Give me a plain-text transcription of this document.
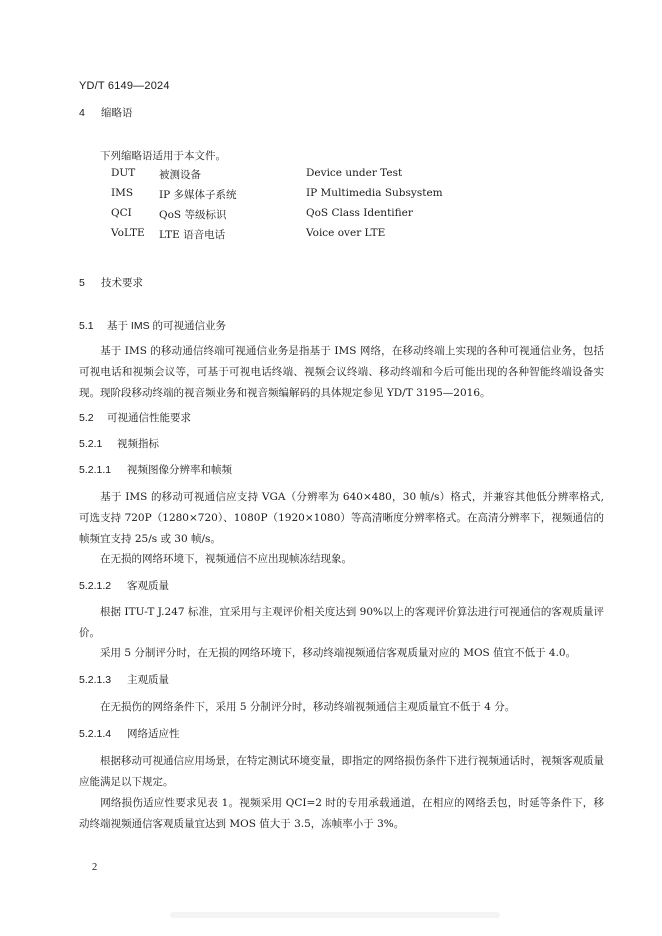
YD/T 6149—2024
4 缩略语
下列缩略语适用于本文件。
DUT 被测设备	Device under Test
IMS IP 多媒体子系统	IP Multimedia Subsystem
QCI	QoS 等级标识	QoS Class Identifier
VoLTE LTE 语音电话	Voice over LTE
5 技术要求
5.1 基于 IMS 的可视通信业务
基于 IMS 的移动通信终端可视通信业务是指基于 IMS 网络，在移动终端上实现的各种可视通信业务，包括可视电话和视频会议等，可基于可视电话终端、视频会议终端、移动终端和今后可能出现的各种智能终端设备实现。现阶段移动终端的视音频业务和视音频编解码的具体规定参见 YD/T 3195—2016。
5.2 可视通信性能要求
5.2.1 视频指标
5.2.1.1 视频图像分辨率和帧频
基于 IMS 的移动可视通信应支持 VGA（分辨率为 640×480，30 帧/s）格式，并兼容其他低分辨率格式,可选支持 720P（1280×720）、1080P（1920×1080）等高清晰度分辨率格式。在高清分辨率下，视频通信的帧频宜支持 25/s 或 30 帧/s。
在无损的网络环境下，视频通信不应出现帧冻结现象。
5.2.1.2 客观质量
根据 ITU-T J.247 标准，宜采用与主观评价相关度达到 90%以上的客观评价算法进行可视通信的客观质量评价。
采用 5 分制评分时，在无损的网络环境下，移动终端视频通信客观质量对应的 MOS 值宜不低于 4.0。
5.2.1.3 主观质量
在无损伤的网络条件下，采用 5 分制评分时，移动终端视频通信主观质量宜不低于 4 分。
5.2.1.4 网络适应性
根据移动可视通信应用场景，在特定测试环境变量，即指定的网络损伤条件下进行视频通话时，视频客观质量应能满足以下规定。
网络损伤适应性要求见表 1。视频采用 QCI=2 时的专用承载通道，在相应的网络丢包，时延等条件下，移动终端视频通信客观质量宜达到 MOS 值大于 3.5，冻帧率小于 3%。
2
